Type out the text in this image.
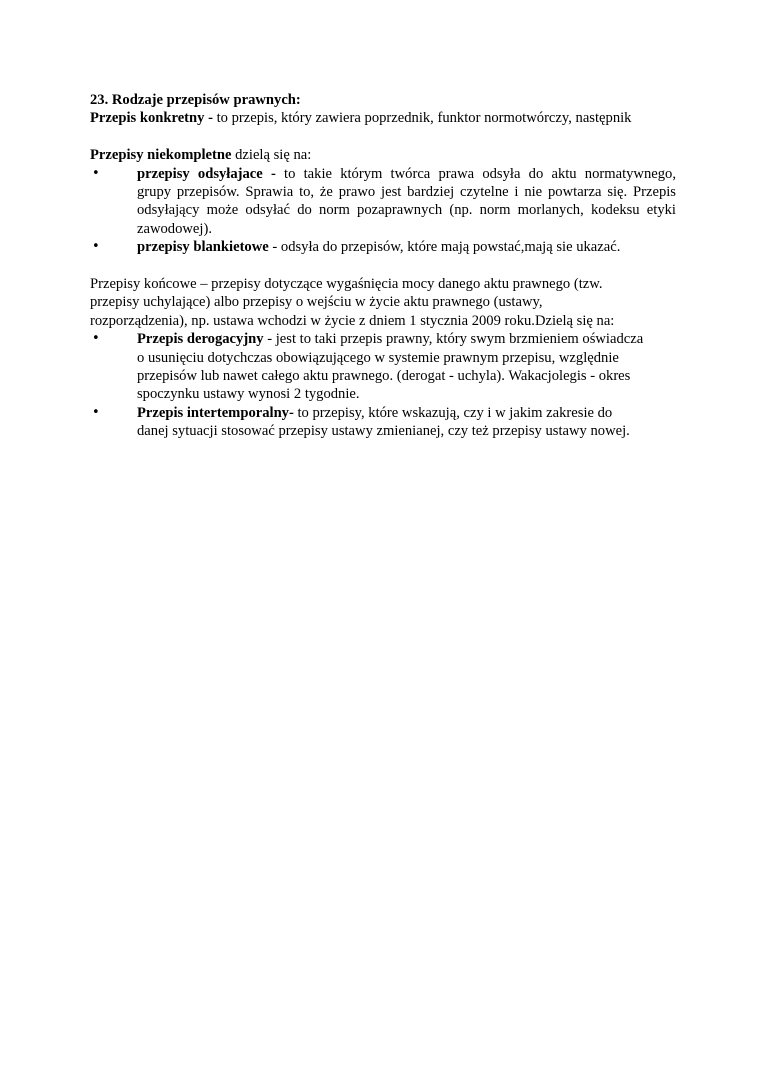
23. Rodzaje przepisów prawnych:

Przepis konkretny - to przepis, który zawiera poprzednik, funktor normotwórczy, następnik

Przepisy niekompletne dzielą się na:

•	przepisy odsyłajace - to takie którym twórca prawa odsyła do aktu normatywnego,
grupy przepisów. Sprawia to, że prawo jest bardziej czytelne i nie powtarza się. Przepis
odsyłający może odsyłać do norm pozaprawnych (np. norm morlanych, kodeksu etyki
zawodowej).
•	przepisy blankietowe - odsyła do przepisów, które mają powstać,mają sie ukazać.

Przepisy końcowe – przepisy dotyczące wygaśnięcia mocy danego aktu prawnego (tzw.

przepisy uchylające) albo przepisy o wejściu w życie aktu prawnego (ustawy,

rozporządzenia), np. ustawa wchodzi w życie z dniem 1 stycznia 2009 roku.Dzielą się na:

•	Przepis derogacyjny - jest to taki przepis prawny, który swym brzmieniem oświadcza
o usunięciu dotychczas obowiązującego w systemie prawnym przepisu, względnie
przepisów lub nawet całego aktu prawnego. (derogat - uchyla). Wakacjolegis - okres
spoczynku ustawy wynosi 2 tygodnie.
•	Przepis intertemporalny- to przepisy, które wskazują, czy i w jakim zakresie do
danej sytuacji stosować przepisy ustawy zmienianej, czy też przepisy ustawy nowej.
